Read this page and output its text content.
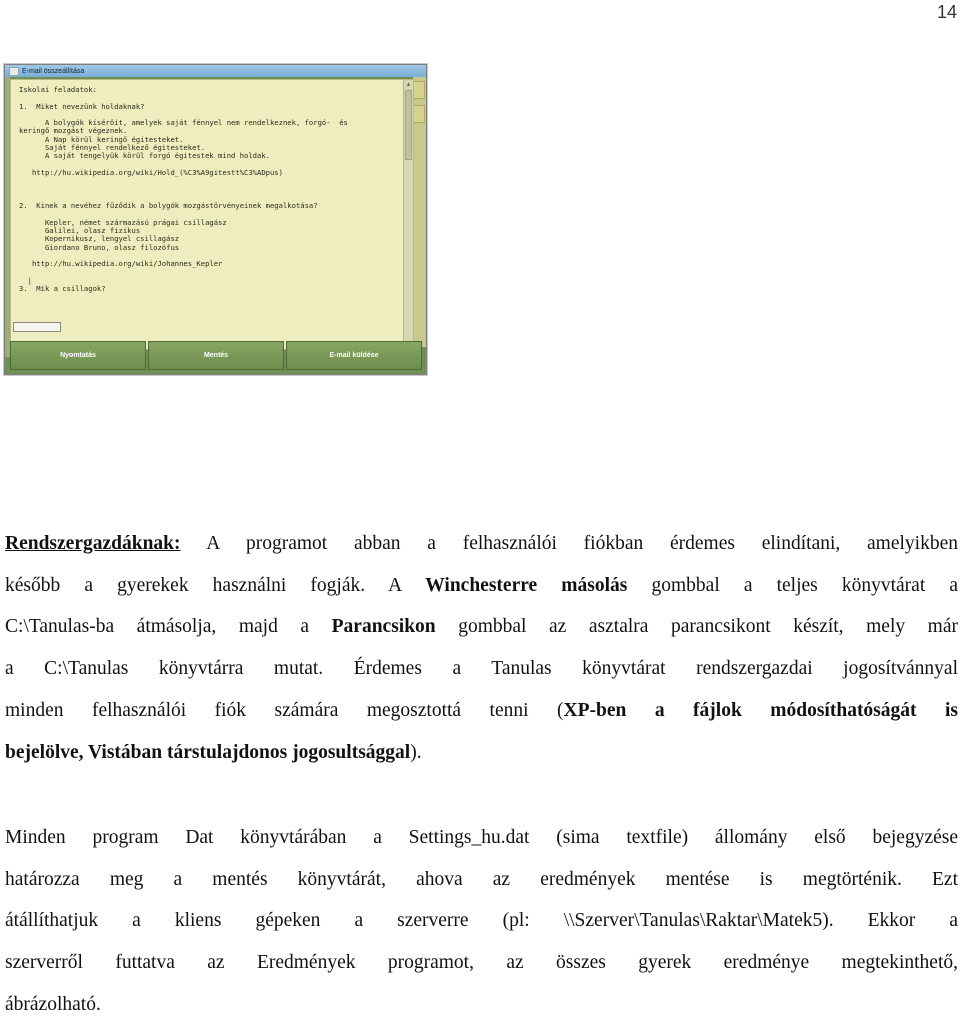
14
E-mail összeállítása
Iskolai feladatok:

1.  Miket nevezünk holdaknak?

A bolygók kísérőit, amelyek saját fénnyel nem rendelkeznek, forgó-  és
keringő mozgást végeznek.
A Nap körül keringő égitesteket.
Saját fénnyel rendelkező égitesteket.
A saját tengelyük körül forgó égitestek mind holdak.

http://hu.wikipedia.org/wiki/Hold_(%C3%A9gitestt%C3%ADpus)

2.  Kinek a nevéhez fűződik a bolygók mozgástörvényeinek megalkotása?

Kepler, német származású prágai csillagász
Galilei, olasz fizikus
Kopernikusz, lengyel csillagász
Giordano Bruno, olasz filozófus

http://hu.wikipedia.org/wiki/Johannes_Kepler

|
3.  Mik a csillagok?
▲
Nyomtatás	Mentés	E-mail küldése
Rendszergazdáknak: A programot abban a felhasználói fiókban érdemes elindítani, amelyikben
később a gyerekek használni fogják. A Winchesterre másolás gombbal a teljes könyvtárat a
C:\Tanulas-ba átmásolja, majd a Parancsikon gombbal az asztalra parancsikont készít, mely már
a C:\Tanulas könyvtárra mutat. Érdemes a Tanulas könyvtárat rendszergazdai jogosítvánnyal
minden felhasználói fiók számára megosztottá tenni (XP-ben a fájlok módosíthatóságát is
bejelölve, Vistában társtulajdonos jogosultsággal).
Minden program Dat könyvtárában a Settings_hu.dat (sima textfile) állomány első bejegyzése
határozza meg a mentés könyvtárát, ahova az eredmények mentése is megtörténik. Ezt
átállíthatjuk a kliens gépeken a szerverre (pl: \\Szerver\Tanulas\Raktar\Matek5). Ekkor a
szerverről futtatva az Eredmények programot, az összes gyerek eredménye megtekinthető,
ábrázolható.
